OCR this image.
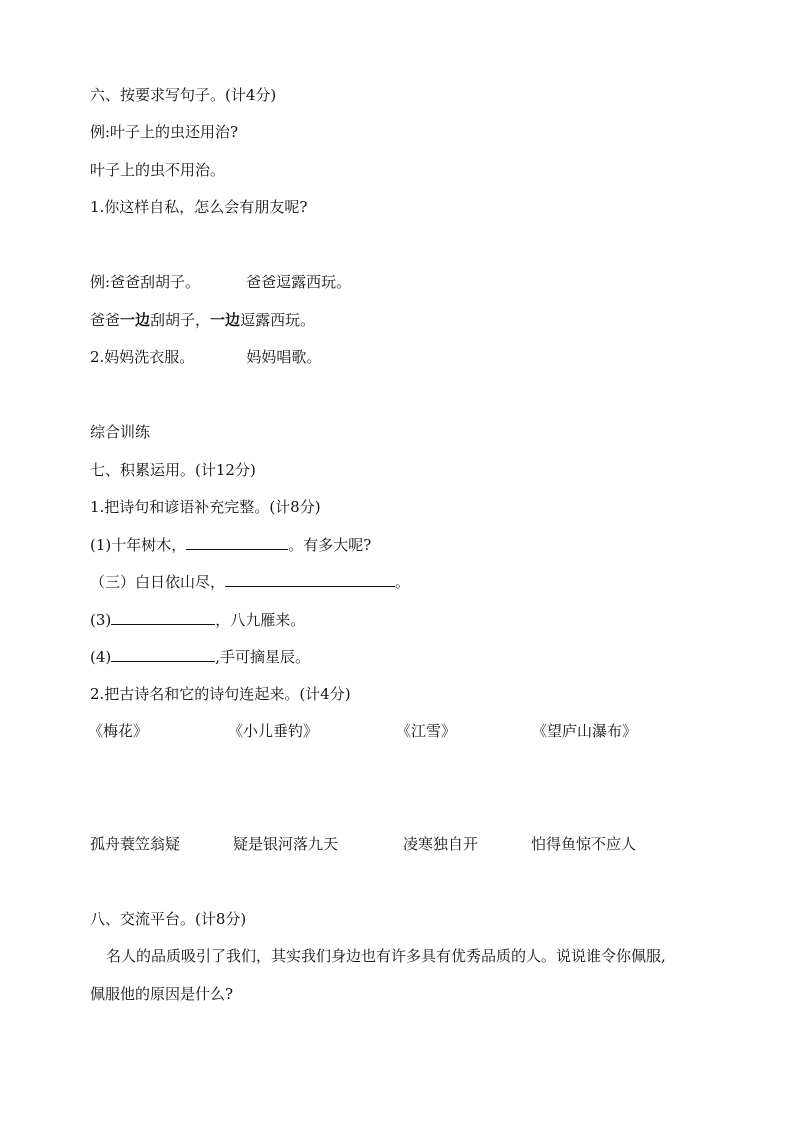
六、按要求写句子。(计4分)
例:叶子上的虫还用治?
叶子上的虫不用治。
1.你这样自私，怎么会有朋友呢?
例:爸爸刮胡子。	爸爸逗露西玩。
爸爸一边刮胡子，一边逗露西玩。
2.妈妈洗衣服。	妈妈唱歌。
综合训练
七、积累运用。(计12分)
1.把诗句和谚语补充完整。(计8分)
(1)十年树木，	。有多大呢?
（三）白日依山尽，	。
(3)	，八九雁来。
(4)	,手可摘星辰。
2.把古诗名和它的诗句连起来。(计4分)
《梅花》	《小儿垂钓》	《江雪》	《望庐山瀑布》
孤舟蓑笠翁疑	疑是银河落九天	凌寒独自开	怕得鱼惊不应人
八、交流平台。(计8分)
名人的品质吸引了我们，其实我们身边也有许多具有优秀品质的人。说说谁令你佩服,
佩服他的原因是什么?
